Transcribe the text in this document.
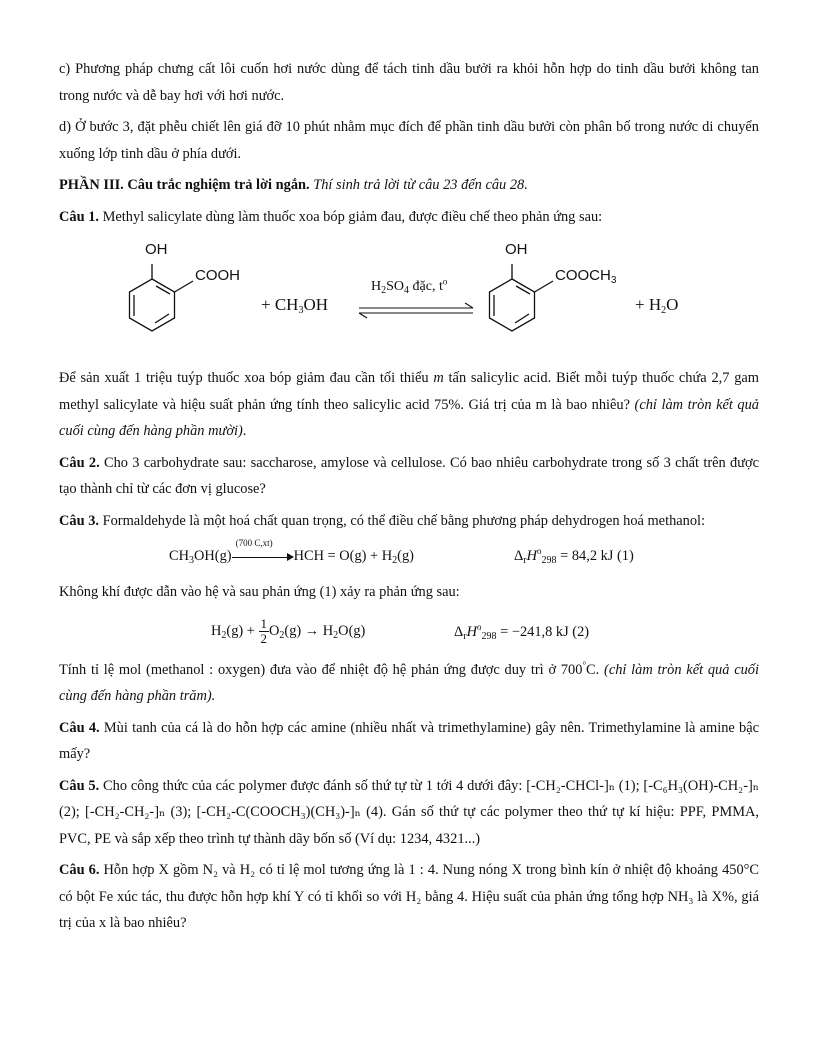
c) Phương pháp chưng cất lôi cuốn hơi nước dùng để tách tinh dầu bưởi ra khỏi hỗn hợp do tinh dầu bưởi không tan trong nước và dễ bay hơi với hơi nước.

d) Ở bước 3, đặt phễu chiết lên giá đỡ 10 phút nhằm mục đích để phần tinh dầu bưởi còn phân bố trong nước di chuyển xuống lớp tinh dầu ở phía dưới.

PHẦN III. Câu trắc nghiệm trả lời ngắn. Thí sinh trả lời từ câu 23 đến câu 28.

Câu 1. Methyl salicylate dùng làm thuốc xoa bóp giảm đau, được điều chế theo phản ứng sau:

OH
COOH
+ $CH_3OH$
$H_2SO_4$ đặc, $t^o$
OH
$COOCH_3$
+ $H_2O$

Để sản xuất 1 triệu tuýp thuốc xoa bóp giảm đau cần tối thiểu m tấn salicylic acid. Biết mỗi tuýp thuốc chứa 2,7 gam methyl salicylate và hiệu suất phản ứng tính theo salicylic acid 75%. Giá trị của m là bao nhiêu? (chỉ làm tròn kết quả cuối cùng đến hàng phần mười).

Câu 2. Cho 3 carbohydrate sau: saccharose, amylose và cellulose. Có bao nhiêu carbohydrate trong số 3 chất trên được tạo thành chỉ từ các đơn vị glucose?

Câu 3. Formaldehyde là một hoá chất quan trọng, có thể điều chế bằng phương pháp dehydrogen hoá methanol:

$CH_3OH(g)$
(700 C,xt)
HCH = $O(g) + H_2(g)$	$\Delta_rH^o_{298} = 84,2$ kJ (1)

Không khí được dẫn vào hệ và sau phản ứng (1) xảy ra phản ứng sau:

$H_2(g) + \frac{1}{2} O_2(g) \to H_2O(g)$	$\Delta_rH^o_{298} = -241,8$ kJ (2)

Tính tỉ lệ mol (methanol : oxygen) đưa vào để nhiệt độ hệ phản ứng được duy trì ở 700°C. (chỉ làm tròn kết quả cuối cùng đến hàng phần trăm).

Câu 4. Mùi tanh của cá là do hỗn hợp các amine (nhiều nhất và trimethylamine) gây nên. Trimethylamine là amine bậc mấy?

Câu 5. Cho công thức của các polymer được đánh số thứ tự từ 1 tới 4 dưới đây: [-CH₂-CHCl-]ₙ (1); [-C₆H₃(OH)-CH₂-]ₙ (2); [-CH₂-CH₂-]ₙ (3); [-CH₂-C(COOCH₃)(CH₃)-]ₙ (4). Gán số thứ tự các polymer theo thứ tự kí hiệu: PPF, PMMA, PVC, PE và sắp xếp theo trình tự thành dãy bốn số (Ví dụ: 1234, 4321...)

Câu 6. Hỗn hợp X gồm N₂ và H₂ có tỉ lệ mol tương ứng là 1 : 4. Nung nóng X trong bình kín ở nhiệt độ khoảng 450°C có bột Fe xúc tác, thu được hỗn hợp khí Y có tỉ khối so với H₂ bằng 4. Hiệu suất của phản ứng tổng hợp NH₃ là X%, giá trị của x là bao nhiêu?
